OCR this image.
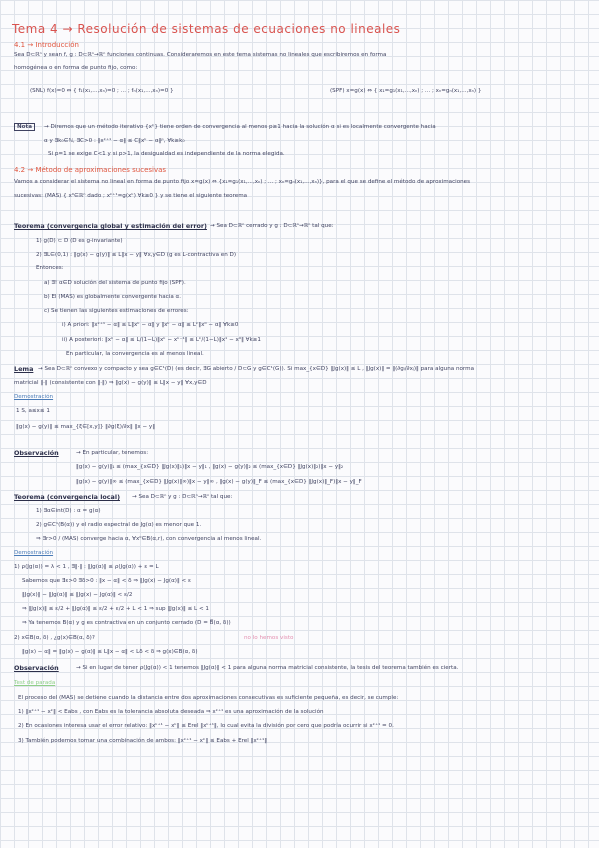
Tema 4 → Resolución de sistemas de ecuaciones no lineales
4.1 → Introducción
Sea D⊂ℝⁿ y sean f, g : D⊂ℝⁿ→ℝⁿ funciones continuas. Consideraremos en este tema sistemas no lineales que escribiremos en forma
homogénea o en forma de punto fijo, como:
(SNL) f(x)=0 ⇔ { f₁(x₁,...,xₙ)=0 ; ... ; fₙ(x₁,...,xₙ)=0 }	(SPF) x=g(x) ⇔ { x₁=g₁(x₁,...,xₙ) ; ... ; xₙ=gₙ(x₁,...,xₙ) }
Nota	→ Diremos que un método iterativo {xᵏ} tiene orden de convergencia al menos p≥1 hacia la solución α si es localmente convergente hacia
α y ∃k₀∈ℕ, ∃C>0 : ‖xᵏ⁺¹ − α‖ ≤ C‖xᵏ − α‖ᵖ, ∀k≥k₀
Si p=1 se exige C<1 y si p>1, la desigualdad es independiente de la norma elegida.
4.2 → Método de aproximaciones sucesivas
Vamos a considerar el sistema no lineal en forma de punto fijo x=g(x) ⇔ {x₁=g₁(x₁,...,xₙ) ; ... ; xₙ=gₙ(x₁,...,xₙ)}, para el que se define el método de aproximaciones
sucesivas: (MAS) { x⁰∈ℝⁿ dado ; xᵏ⁺¹=g(xᵏ) ∀k≥0 } y se tiene el siguiente teorema
Teorema (convergencia global y estimación del error) → Sea D⊂ℝⁿ cerrado y g : D⊂ℝⁿ→ℝⁿ tal que:
1) g(D) ⊂ D (D es g-invariante)
2) ∃L∈(0,1) : ‖g(x) − g(y)‖ ≤ L‖x − y‖ ∀x,y∈D (g es L-contractiva en D)
Entonces:
a) ∃! α∈D solución del sistema de punto fijo (SPF).
b) El (MAS) es globalmente convergente hacia α.
c) Se tienen las siguientes estimaciones de errores:
i) A priori: ‖xᵏ⁺¹ − α‖ ≤ L‖xᵏ − α‖ y ‖xᵏ − α‖ ≤ Lᵏ‖x⁰ − α‖ ∀k≥0
ii) A posteriori: ‖xᵏ − α‖ ≤ L/(1−L)‖xᵏ − xᵏ⁻¹‖ ≤ Lᵏ/(1−L)‖x¹ − x⁰‖ ∀k≥1
En particular, la convergencia es al menos lineal.
Lema → Sea D⊂ℝⁿ convexo y compacto y sea g∈C¹(D) (es decir, ∃G abierto / D⊂G y g∈C¹(G)). Si max_{x∈D} ‖Jg(x)‖ ≤ L , ‖Jg(x)‖ = ‖(∂gᵢ/∂xⱼ)‖ para alguna norma
matricial ‖·‖ (consistente con ‖·‖) ⇒ ‖g(x) − g(y)‖ ≤ L‖x − y‖ ∀x,y∈D
Demostración
1 S, a≤x≤ 1
‖g(x) − g(y)‖ ≤ max_{ξ∈[x,y]} ‖∂g(ξ)/∂x‖ ‖x − y‖
Observación	→ En particular, tenemos:
‖g(x) − g(y)‖₁ ≤ (max_{x∈D} ‖Jg(x)‖₁)‖x − y‖₁ , ‖g(x) − g(y)‖₂ ≤ (max_{x∈D} ‖Jg(x)‖₂)‖x − y‖₂
‖g(x) − g(y)‖∞ ≤ (max_{x∈D} ‖Jg(x)‖∞)‖x − y‖∞ , ‖g(x) − g(y)‖_F ≤ (max_{x∈D} ‖Jg(x)‖_F)‖x − y‖_F
Teorema (convergencia local) → Sea D⊂ℝⁿ y g : D⊂ℝⁿ→ℝⁿ tal que:
1) ∃α∈int(D) : α = g(α)
2) g∈C¹(B(α)) y el radio espectral de Jg(α) es menor que 1.
⇒ ∃r>0 / (MAS) converge hacia α, ∀x⁰∈B(α,r), con convergencia al menos lineal.
Demostración
1) ρ(Jg(α)) = λ < 1 , ∃‖·‖ : ‖Jg(α)‖ ≤ ρ(Jg(α)) + ε = L
Sabemos que ∃ε>0 ∃δ>0 : ‖x − α‖ < δ ⇒ ‖Jg(x) − Jg(α)‖ < ε
‖Jg(x)‖ − ‖Jg(α)‖ ≤ ‖Jg(x) − Jg(α)‖ < ε/2
⇒ ‖Jg(x)‖ ≤ ε/2 + ‖Jg(α)‖ ≤ ε/2 + ε/2 + L < 1 ⇒ sup ‖Jg(x)‖ ≤ L < 1
⇒ Ya tenemos B(α) y g es contractiva en un conjunto cerrado (D = B̅(α, δ))
2) x∈B(α, δ) , ¿g(x)∈B(α, δ)?	no lo hemos visto
‖g(x) − α‖ = ‖g(x) − g(α)‖ ≤ L‖x − α‖ < Lδ < δ ⇒ g(x)∈B(α, δ)
Observación	→ Si en lugar de tener ρ(Jg(α)) < 1 tenemos ‖Jg(α)‖ < 1 para alguna norma matricial consistente, la tesis del teorema también es cierta.
Test de parada
El proceso del (MAS) se detiene cuando la distancia entre dos aproximaciones consecutivas es suficiente pequeña, es decir, se cumple:
1) ‖xᵏ⁺¹ − xᵏ‖ < Eabs , con Eabs es la tolerancia absoluta deseada ⇒ xᵏ⁺¹ es una aproximación de la solución
2) En ocasiones interesa usar el error relativo: ‖xᵏ⁺¹ − xᵏ‖ ≤ Erel ‖xᵏ⁺¹‖, lo cual evita la división por cero que podría ocurrir si xᵏ⁺¹ = 0.
3) También podemos tomar una combinación de ambos: ‖xᵏ⁺¹ − xᵏ‖ ≤ Eabs + Erel ‖xᵏ⁺¹‖
